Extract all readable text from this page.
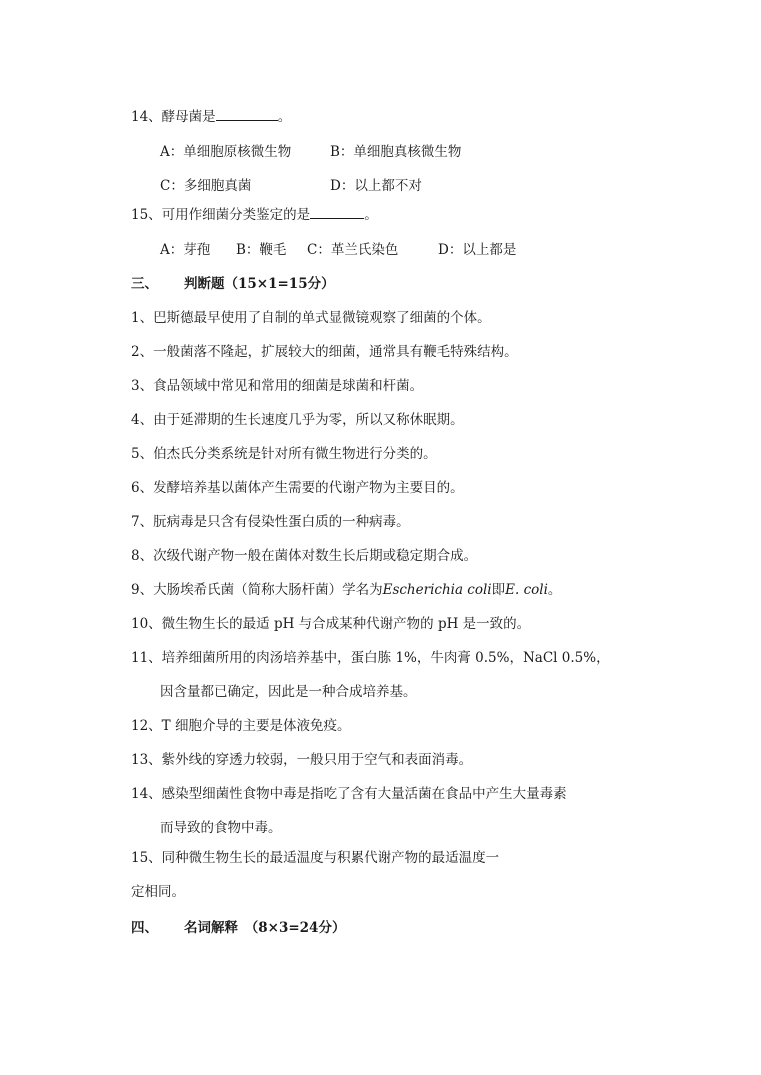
14、酵母菌是	。
A：单细胞原核微生物	B：单细胞真核微生物
C：多细胞真菌	D：以上都不对
15、可用作细菌分类鉴定的是	。
A：芽孢 B：鞭毛 C：革兰氏染色	D：以上都是
三、 判断题（15×1=15分）
1、巴斯德最早使用了自制的单式显微镜观察了细菌的个体。
2、一般菌落不隆起，扩展较大的细菌，通常具有鞭毛特殊结构。
3、食品领域中常见和常用的细菌是球菌和杆菌。
4、由于延滞期的生长速度几乎为零，所以又称休眠期。
5、伯杰氏分类系统是针对所有微生物进行分类的。
6、发酵培养基以菌体产生需要的代谢产物为主要目的。
7、朊病毒是只含有侵染性蛋白质的一种病毒。
8、次级代谢产物一般在菌体对数生长后期或稳定期合成。
9、大肠埃希氏菌（简称大肠杆菌）学名为Escherichia coli即E. coli。
10、微生物生长的最适 pH 与合成某种代谢产物的 pH 是一致的。
11、培养细菌所用的肉汤培养基中，蛋白胨 1%，牛肉膏 0.5%，NaCl 0.5%，
因含量都已确定，因此是一种合成培养基。
12、T 细胞介导的主要是体液免疫。
13、紫外线的穿透力较弱，一般只用于空气和表面消毒。
14、感染型细菌性食物中毒是指吃了含有大量活菌在食品中产生大量毒素
而导致的食物中毒。
15、同种微生物生长的最适温度与积累代谢产物的最适温度一
定相同。
四、 名词解释　（8×3=24分）
